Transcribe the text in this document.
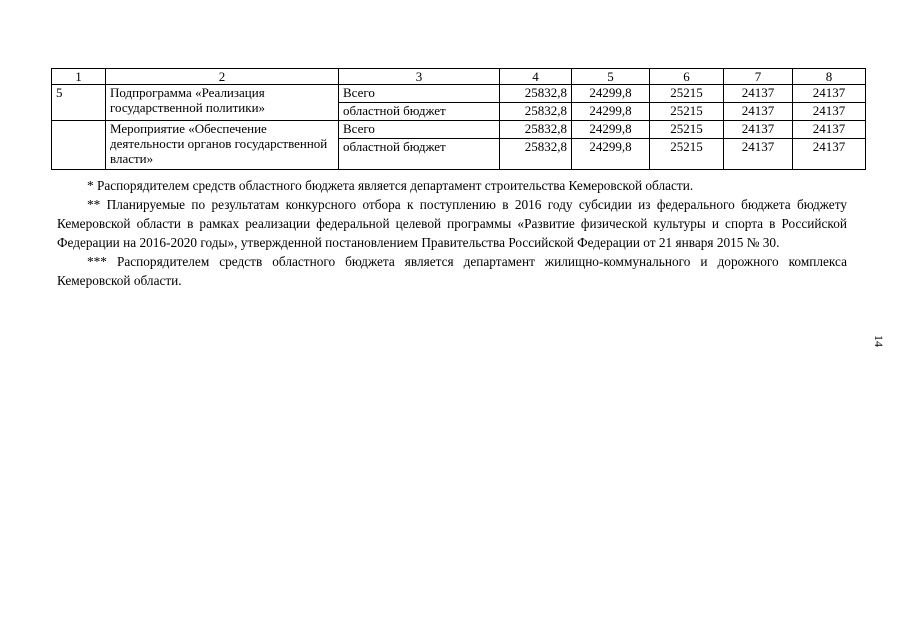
1	2	3	4	5	6	7	8
5	Подпрограмма «Реализация государственной политики»	Всего	25832,8	24299,8	25215	24137	24137
		областной бюджет	25832,8	24299,8	25215	24137	24137
	Мероприятие «Обеспечение деятельности органов государственной власти»	Всего	25832,8	24299,8	25215	24137	24137
		областной бюджет	25832,8	24299,8	25215	24137	24137

* Распорядителем средств областного бюджета является департамент строительства Кемеровской области.

** Планируемые по результатам конкурсного отбора к поступлению в 2016 году субсидии из федерального бюджета бюджету Кемеровской области в рамках реализации федеральной целевой программы «Развитие физической культуры и спорта в Российской Федерации на 2016-2020 годы», утвержденной постановлением Правительства Российской Федерации от 21 января 2015 № 30.

*** Распорядителем средств областного бюджета является департамент жилищно-коммунального и дорожного комплекса Кемеровской области.

14
